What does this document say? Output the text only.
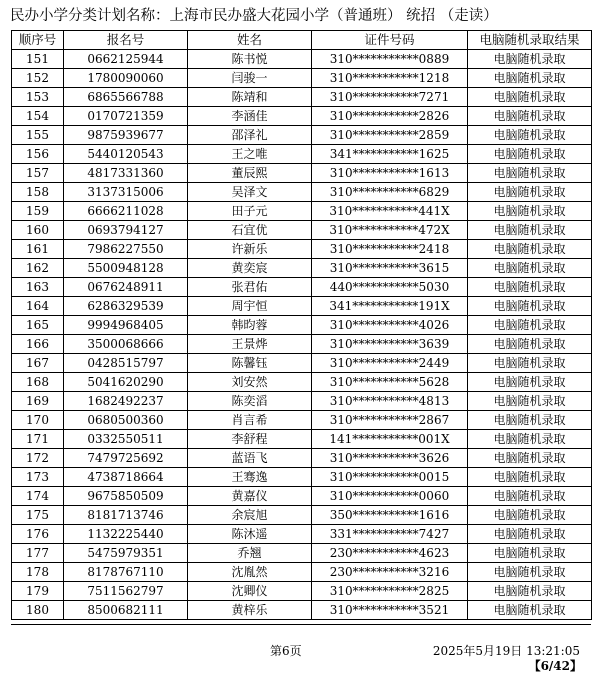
民办小学分类计划名称：上海市民办盛大花园小学（普通班） 统招 （走读）
顺序号	报名号	姓名	证件号码	电脑随机录取结果
151	0662125944	陈书悦	310***********0889	电脑随机录取
152	1780090060	闫骏一	310***********1218	电脑随机录取
153	6865566788	陈靖和	310***********7271	电脑随机录取
154	0170721359	李涵佳	310***********2826	电脑随机录取
155	9875939677	邵泽礼	310***********2859	电脑随机录取
156	5440120543	王之唯	341***********1625	电脑随机录取
157	4817331360	董辰熙	310***********1613	电脑随机录取
158	3137315006	吴泽文	310***********6829	电脑随机录取
159	6666211028	田子元	310***********441X	电脑随机录取
160	0693794127	石宜优	310***********472X	电脑随机录取
161	7986227550	许新乐	310***********2418	电脑随机录取
162	5500948128	黄奕宸	310***********3615	电脑随机录取
163	0676248911	张君佑	440***********5030	电脑随机录取
164	6286329539	周宇恒	341***********191X	电脑随机录取
165	9994968405	韩昀蓉	310***********4026	电脑随机录取
166	3500068666	王景烨	310***********3639	电脑随机录取
167	0428515797	陈馨钰	310***********2449	电脑随机录取
168	5041620290	刘安然	310***********5628	电脑随机录取
169	1682492237	陈奕滔	310***********4813	电脑随机录取
170	0680500360	肖言希	310***********2867	电脑随机录取
171	0332550511	李舒程	141***********001X	电脑随机录取
172	7479725692	蓝语飞	310***********3626	电脑随机录取
173	4738718664	王骞逸	310***********0015	电脑随机录取
174	9675850509	黄嘉仪	310***********0060	电脑随机录取
175	8181713746	余宸旭	350***********1616	电脑随机录取
176	1132225440	陈沐遥	331***********7427	电脑随机录取
177	5475979351	乔翘	230***********4623	电脑随机录取
178	8178767110	沈胤然	230***********3216	电脑随机录取
179	7511562797	沈卿仪	310***********2825	电脑随机录取
180	8500682111	黄梓乐	310***********3521	电脑随机录取
第6页	2025年5月19日 13:21:05
【6/42】
